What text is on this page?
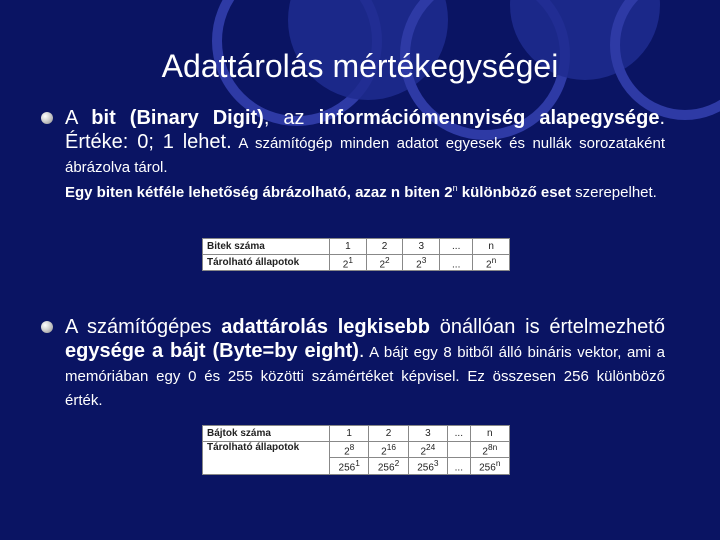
Adattárolás mértékegységei
A bit (Binary Digit), az információmennyiség alapegysége. Értéke: 0; 1 lehet. A számítógép minden adatot egyesek és nullák sorozataként ábrázolva tárol.
Egy biten kétféle lehetőség ábrázolható, azaz n biten 2$^n$ különböző eset szerepelhet.
Bitek száma	1	2	3	...	n
Tárolható állapotok	$2^1$	$2^2$	$2^3$	...	2$^n$
A számítógépes adattárolás legkisebb önállóan is értelmezhető egysége a bájt (Byte=by eight). A bájt egy 8 bitből álló bináris vektor, ami a memóriában egy 0 és 255 közötti számértéket képvisel. Ez összesen 256 különböző érték.
Bájtok száma	1	2	3	...	n
Tárolható állapotok	$2^8$	$2^{16}$	$2^{24}$		$2^{8n}$
	$256^1$	$256^2$	$256^3$	...	256$^n$
